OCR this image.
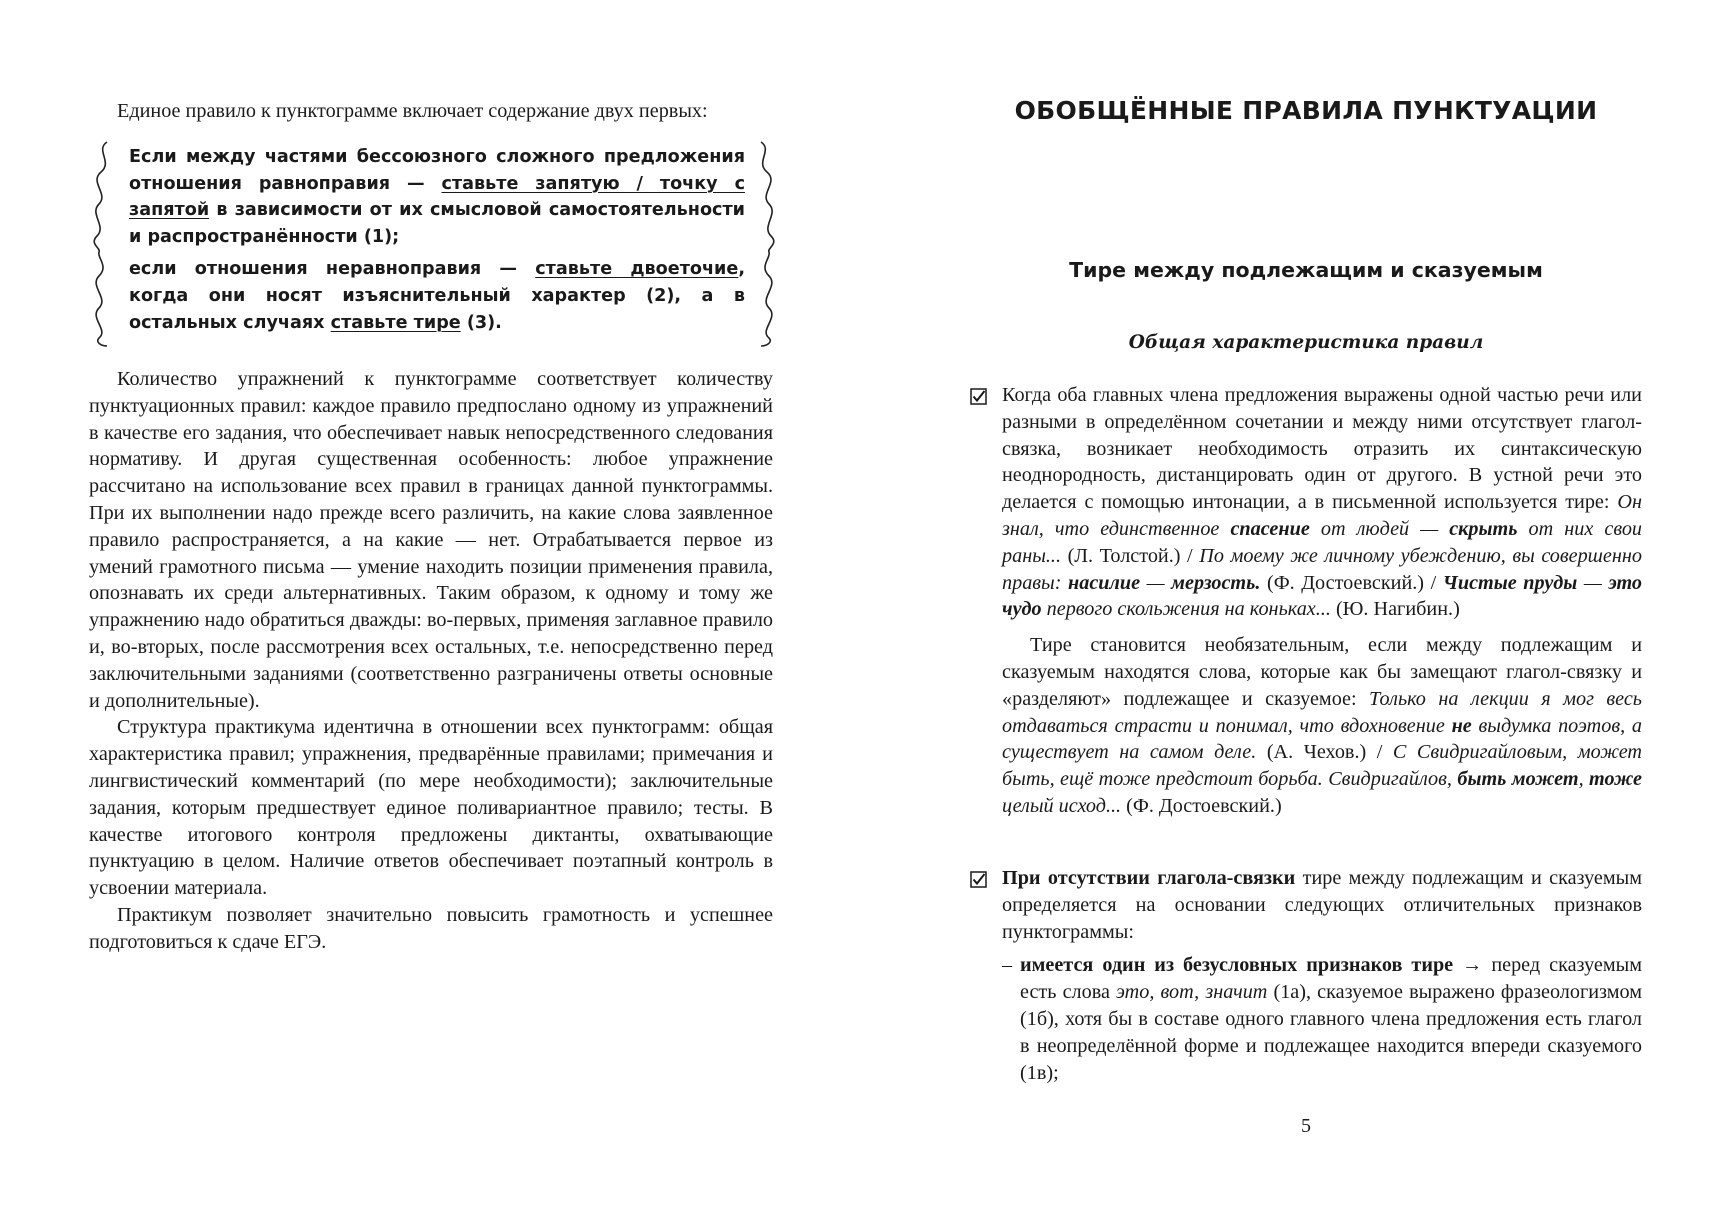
Единое правило к пунктограмме включает содержание двух первых:

Если между частями бессоюзного сложного предложения отношения равноправия — ставьте запятую / точку с запятой в зависимости от их смысловой самостоятельности и распространённости (1);

если отношения неравноправия — ставьте двоеточие, когда они носят изъяснительный характер (2), а в остальных случаях ставьте тире (3).

Количество упражнений к пунктограмме соответствует количеству пунктуационных правил: каждое правило предпослано одному из упражнений в качестве его задания, что обеспечивает навык непосредственного следования нормативу. И другая существенная особенность: любое упражнение рассчитано на использование всех правил в границах данной пунктограммы. При их выполнении надо прежде всего различить, на какие слова заявленное правило распространяется, а на какие — нет. Отрабатывается первое из умений грамотного письма — умение находить позиции применения правила, опознавать их среди альтернативных. Таким образом, к одному и тому же упражнению надо обратиться дважды: во-первых, применяя заглавное правило и, во-вторых, после рассмотрения всех остальных, т.е. непосредственно перед заключительными заданиями (соответственно разграничены ответы основные и дополнительные).

Структура практикума идентична в отношении всех пунктограмм: общая характеристика правил; упражнения, предварённые правилами; примечания и лингвистический комментарий (по мере необходимости); заключительные задания, которым предшествует единое поливариантное правило; тесты. В качестве итогового контроля предложены диктанты, охватывающие пунктуацию в целом. Наличие ответов обеспечивает поэтапный контроль в усвоении материала.

Практикум позволяет значительно повысить грамотность и успешнее подготовиться к сдаче ЕГЭ.

ОБОБЩЁННЫЕ ПРАВИЛА ПУНКТУАЦИИ
Тире между подлежащим и сказуемым
Общая характеристика правил

Когда оба главных члена предложения выражены одной частью речи или разными в определённом сочетании и между ними отсутствует глагол-связка, возникает необходимость отразить их синтаксическую неоднородность, дистанцировать один от другого. В устной речи это делается с помощью интонации, а в письменной используется тире: Он знал, что единственное спасение от людей — скрыть от них свои раны... (Л. Толстой.) / По моему же личному убеждению, вы совершенно правы: насилие — мерзость. (Ф. Достоевский.) / Чистые пруды — это чудо первого скольжения на коньках... (Ю. Нагибин.)

Тире становится необязательным, если между подлежащим и сказуемым находятся слова, которые как бы замещают глагол-связку и «разделяют» подлежащее и сказуемое: Только на лекции я мог весь отдаваться страсти и понимал, что вдохновение не выдумка поэтов, а существует на самом деле. (А. Чехов.) / С Свидригайловым, может быть, ещё тоже предстоит борьба. Свидригайлов, быть может, тоже целый исход... (Ф. Достоевский.)

При отсутствии глагола-связки тире между подлежащим и сказуемым определяется на основании следующих отличительных признаков пунктограммы:

– имеется один из безусловных признаков тире → перед сказуемым есть слова это, вот, значит (1а), сказуемое выражено фразеологизмом (1б), хотя бы в составе одного главного члена предложения есть глагол в неопределённой форме и подлежащее находится впереди сказуемого (1в);

5
